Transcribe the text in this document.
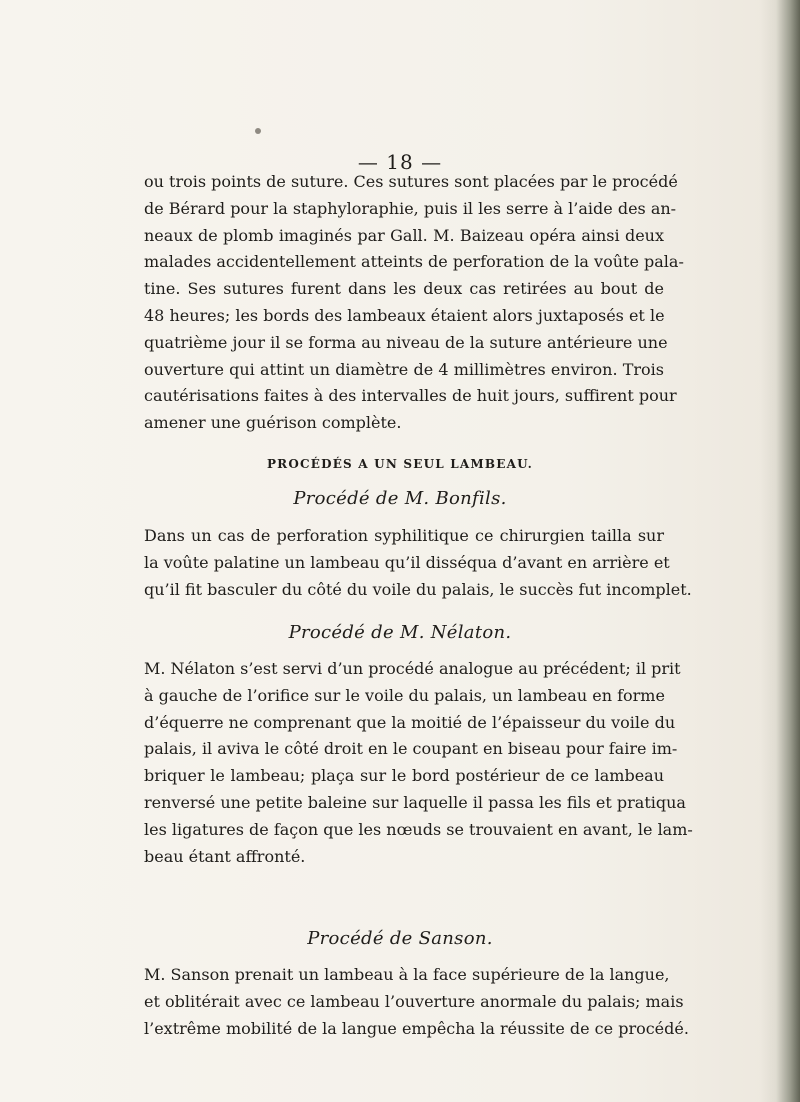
— 18 —
ou trois points de suture. Ces sutures sont placées par le procédé
de Bérard pour la staphyloraphie, puis il les serre à l’aide des an-
neaux de plomb imaginés par Gall. M. Baizeau opéra ainsi deux
malades accidentellement atteints de perforation de la voûte pala-
tine. Ses sutures furent dans les deux cas retirées au bout de
48 heures; les bords des lambeaux étaient alors juxtaposés et le
quatrième jour il se forma au niveau de la suture antérieure une
ouverture qui attint un diamètre de 4 millimètres environ. Trois
cautérisations faites à des intervalles de huit jours, suffirent pour
amener une guérison complète.
PROCÉDÉS A UN SEUL LAMBEAU.
Procédé de M. Bonfils.
Dans un cas de perforation syphilitique ce chirurgien tailla sur
la voûte palatine un lambeau qu’il disséqua d’avant en arrière et
qu’il fit basculer du côté du voile du palais, le succès fut incomplet.
Procédé de M. Nélaton.
M. Nélaton s’est servi d’un procédé analogue au précédent; il prit
à gauche de l’orifice sur le voile du palais, un lambeau en forme
d’équerre ne comprenant que la moitié de l’épaisseur du voile du
palais, il aviva le côté droit en le coupant en biseau pour faire im-
briquer le lambeau; plaça sur le bord postérieur de ce lambeau
renversé une petite baleine sur laquelle il passa les fils et pratiqua
les ligatures de façon que les nœuds se trouvaient en avant, le lam-
beau étant affronté.
Procédé de Sanson.
M. Sanson prenait un lambeau à la face supérieure de la langue,
et oblitérait avec ce lambeau l’ouverture anormale du palais; mais
l’extrême mobilité de la langue empêcha la réussite de ce procédé.
